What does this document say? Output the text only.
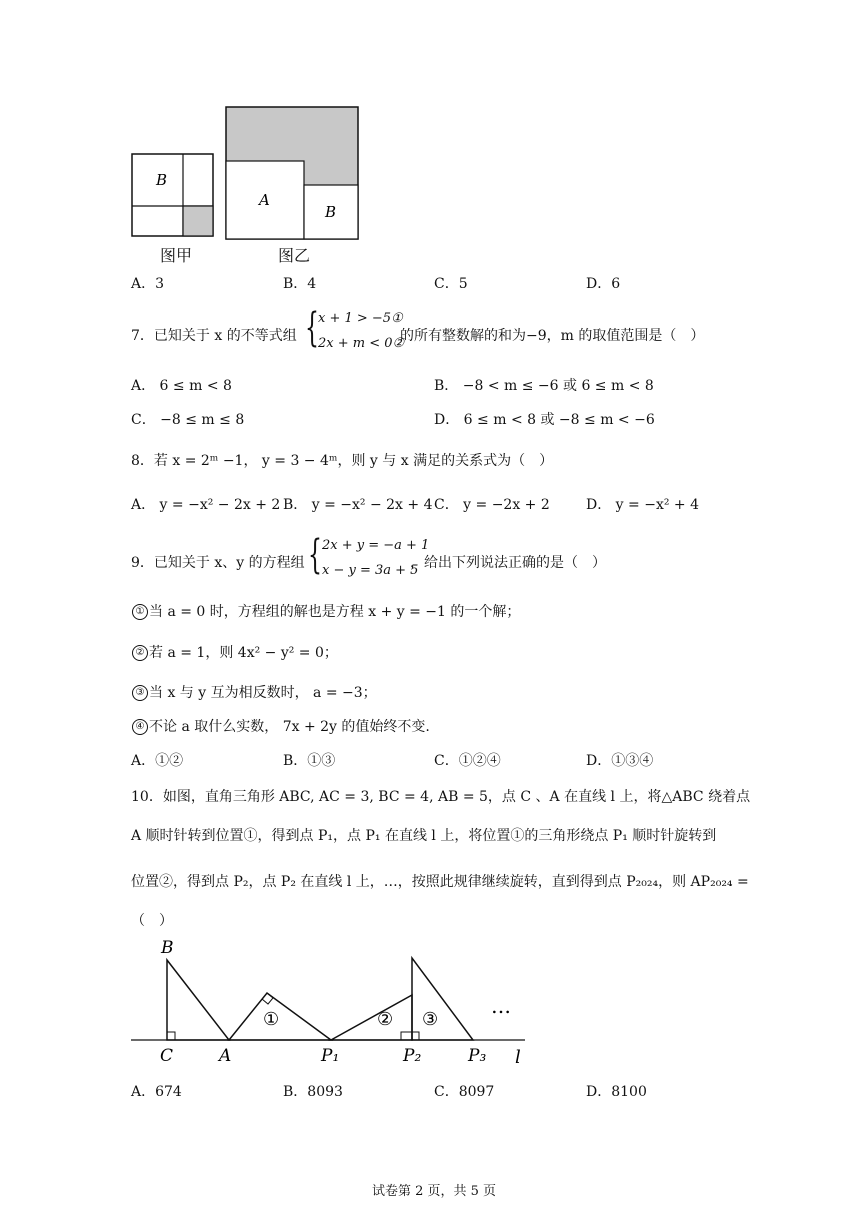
B
A
B
图甲	图乙
A．3	B．4	C．5	D．6
7．已知关于 x 的不等式组 { x + 1 > −5①
2x + m < 0②
的所有整数解的和为−9，m 的取值范围是（　）
A． 6 ≤ m < 8	B． −8 < m ≤ −6 或 6 ≤ m < 8
C． −8 ≤ m ≤ 8	D． 6 ≤ m < 8 或 −8 ≤ m < −6
8．若 x = 2ᵐ −1， y = 3 − 4ᵐ，则 y 与 x 满足的关系式为（　）
A． y = −x² − 2x + 2 B． y = −x² − 2x + 4 C． y = −2x + 2	D． y = −x² + 4
9．已知关于 x、y 的方程组 { 2x + y = −a + 1
x − y = 3a + 5
，给出下列说法正确的是（　）
① 当 a = 0 时，方程组的解也是方程 x + y = −1 的一个解；
② 若 a = 1，则 4x² − y² = 0；
③ 当 x 与 y 互为相反数时， a = −3；
④ 不论 a 取什么实数， 7x + 2y 的值始终不变.
A．①②	B．①③	C．①②④	D．①③④
10．如图，直角三角形 ABC, AC = 3, BC = 4, AB = 5，点 C 、A 在直线 l 上，将△ABC 绕着点
A 顺时针转到位置①，得到点 P₁，点 P₁ 在直线 l 上，将位置①的三角形绕点 P₁ 顺时针旋转到
位置②，得到点 P₂，点 P₂ 在直线 l 上，…，按照此规律继续旋转，直到得到点 P₂₀₂₄，则 AP₂₀₂₄ =
（　）
B
C	A	P₁	P₂	P₃ l
①	② ③
…
A．674	B．8093	C．8097	D．8100
试卷第 2 页，共 5 页
